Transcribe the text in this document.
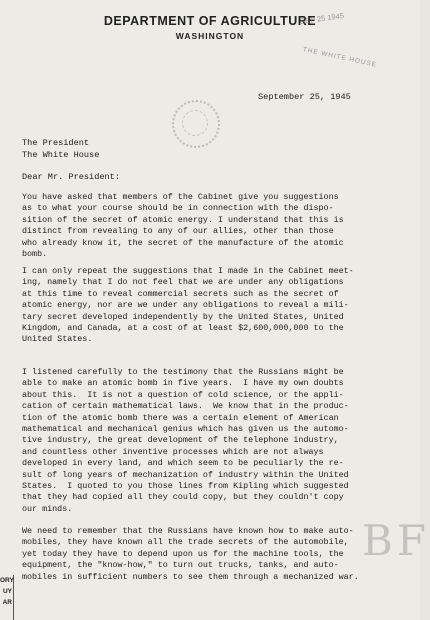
DEPARTMENT OF AGRICULTURE
WASHINGTON
SEP 25 1945
THE WHITE HOUSE
September 25, 1945
The President
The White House
Dear Mr. President:

You have asked that members of the Cabinet give you suggestions
as to what your course should be in connection with the dispo-
sition of the secret of atomic energy. I understand that this is
distinct from revealing to any of our allies, other than those
who already know it, the secret of the manufacture of the atomic
bomb.

I can only repeat the suggestions that I made in the Cabinet meet-
ing, namely that I do not feel that we are under any obligations
at this time to reveal commercial secrets such as the secret of
atomic energy, nor are we under any obligations to reveal a mili-
tary secret developed independently by the United States, United
Kingdom, and Canada, at a cost of at least $2,600,000,000 to the
United States.

I listened carefully to the testimony that the Russians might be
able to make an atomic bomb in five years.  I have my own doubts
about this.  It is not a question of cold science, or the appli-
cation of certain mathematical laws.  We know that in the produc-
tion of the atomic bomb there was a certain element of American
mathematical and mechanical genius which has given us the automo-
tive industry, the great development of the telephone industry,
and countless other inventive processes which are not always
developed in every land, and which seem to be peculiarly the re-
sult of long years of mechanization of industry within the United
States.  I quoted to you those lines from Kipling which suggested
that they had copied all they could copy, but they couldn't copy
our minds.

We need to remember that the Russians have known how to make auto-
mobiles, they have known all the trade secrets of the automobile,
yet today they have to depend upon us for the machine tools, the
equipment, the "know-how," to turn out trucks, tanks, and auto-
mobiles in sufficient numbers to see them through a mechanized war.

ORY
UY
AR
BF
